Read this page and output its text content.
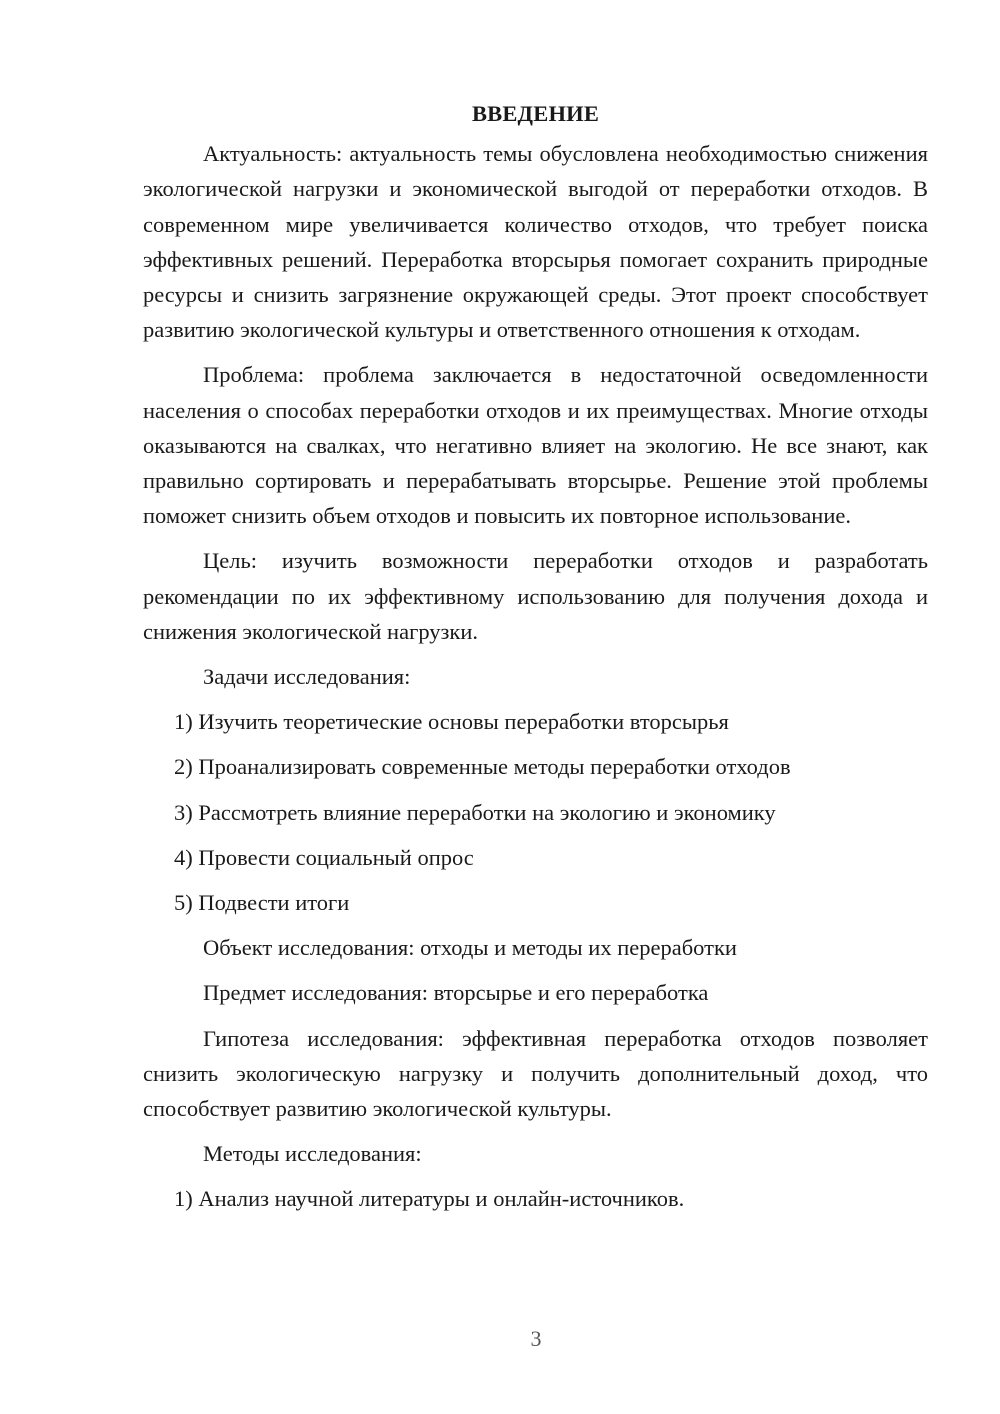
ВВЕДЕНИЕ

Актуальность: актуальность темы обусловлена необходимостью снижения экологической нагрузки и экономической выгодой от переработки отходов. В современном мире увеличивается количество отходов, что требует поиска эффективных решений. Переработка вторсырья помогает сохранить природные ресурсы и снизить загрязнение окружающей среды. Этот проект способствует развитию экологической культуры и ответственного отношения к отходам.

Проблема: проблема заключается в недостаточной осведомленности населения о способах переработки отходов и их преимуществах. Многие отходы оказываются на свалках, что негативно влияет на экологию. Не все знают, как правильно сортировать и перерабатывать вторсырье. Решение этой проблемы поможет снизить объем отходов и повысить их повторное использование.

Цель: изучить возможности переработки отходов и разработать рекомендации по их эффективному использованию для получения дохода и снижения экологической нагрузки.

Задачи исследования:

1) Изучить теоретические основы переработки вторсырья

2) Проанализировать современные методы переработки отходов

3) Рассмотреть влияние переработки на экологию и экономику

4) Провести социальный опрос

5) Подвести итоги

Объект исследования: отходы и методы их переработки

Предмет исследования: вторсырье и его переработка

Гипотеза исследования: эффективная переработка отходов позволяет снизить экологическую нагрузку и получить дополнительный доход, что способствует развитию экологической культуры.

Методы исследования:

1) Анализ научной литературы и онлайн-источников.

3
